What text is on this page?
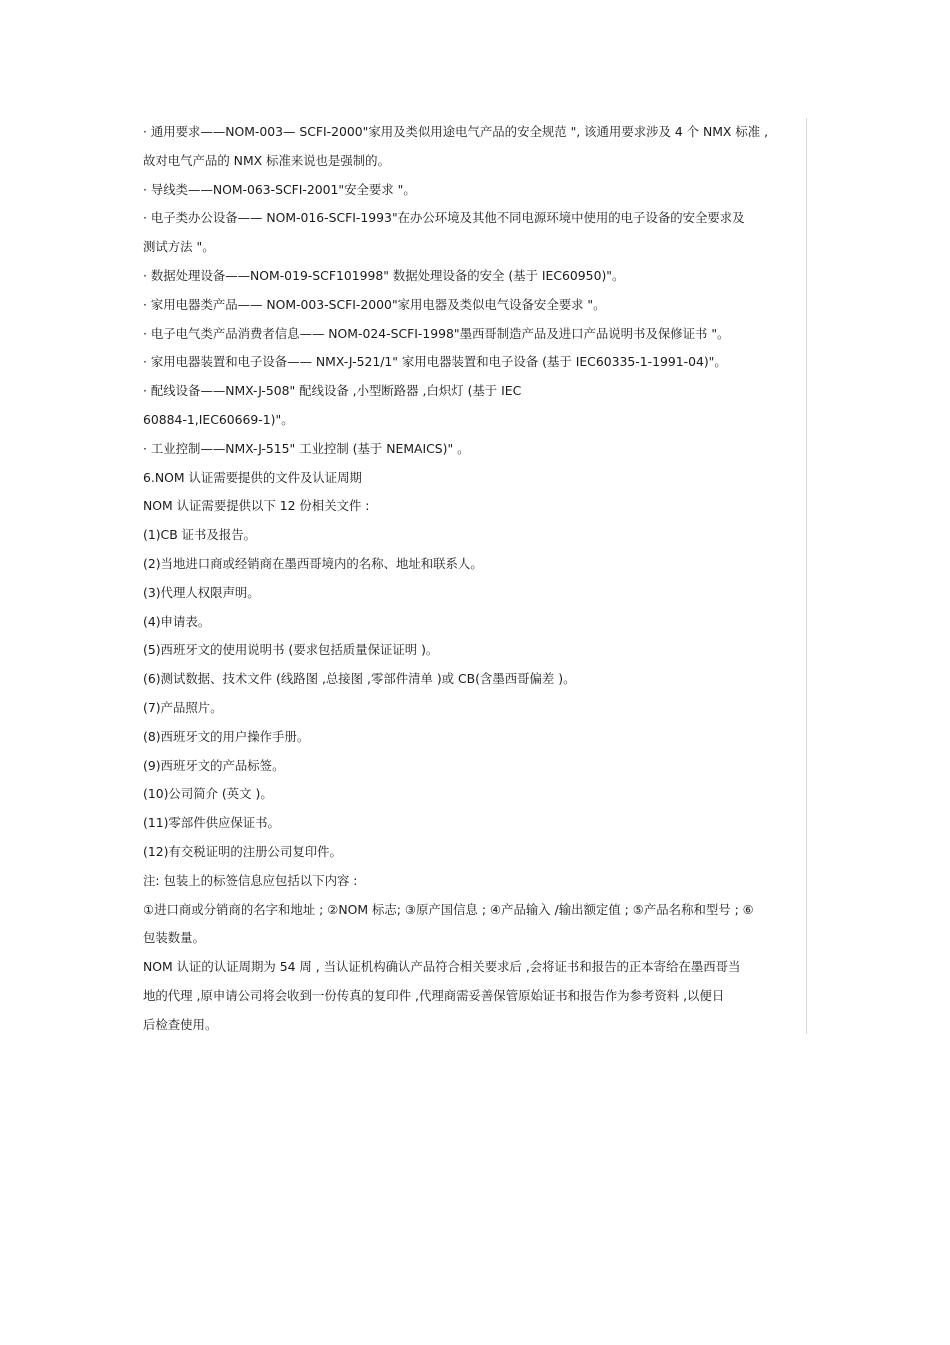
· 通用要求——NOM-003— SCFI-2000"家用及类似用途电气产品的安全规范 ", 该通用要求涉及 4 个 NMX 标准 ,
故对电气产品的 NMX 标准来说也是强制的。
· 导线类——NOM-063-SCFI-2001"安全要求 "。
· 电子类办公设备—— NOM-016-SCFI-1993"在办公环境及其他不同电源环境中使用的电子设备的安全要求及
测试方法 "。
· 数据处理设备——NOM-019-SCF101998" 数据处理设备的安全 (基于 IEC60950)"。
· 家用电器类产品—— NOM-003-SCFI-2000"家用电器及类似电气设备安全要求 "。
· 电子电气类产品消费者信息—— NOM-024-SCFI-1998"墨西哥制造产品及进口产品说明书及保修证书 "。
· 家用电器装置和电子设备—— NMX-J-521/1" 家用电器装置和电子设备 (基于 IEC60335-1-1991-04)"。
· 配线设备——NMX-J-508" 配线设备 ,小型断路器 ,白炽灯 (基于 IEC
60884-1,IEC60669-1)"。
· 工业控制——NMX-J-515" 工业控制 (基于 NEMAICS)" 。
6.NOM 认证需要提供的文件及认证周期
NOM 认证需要提供以下 12 份相关文件 :
(1)CB 证书及报告。
(2)当地进口商或经销商在墨西哥境内的名称、地址和联系人。
(3)代理人权限声明。
(4)申请表。
(5)西班牙文的使用说明书 (要求包括质量保证证明 )。
(6)测试数据、技术文件 (线路图 ,总接图 ,零部件清单 )或 CB(含墨西哥偏差 )。
(7)产品照片。
(8)西班牙文的用户操作手册。
(9)西班牙文的产品标签。
(10)公司简介 (英文 )。
(11)零部件供应保证书。
(12)有交税证明的注册公司复印件。
注: 包装上的标签信息应包括以下内容 :
①进口商或分销商的名字和地址 ; ②NOM 标志; ③原产国信息 ; ④产品输入 /输出额定值 ; ⑤产品名称和型号 ; ⑥
包装数量。
NOM 认证的认证周期为 54 周 , 当认证机构确认产品符合相关要求后 ,会将证书和报告的正本寄给在墨西哥当
地的代理 ,原申请公司将会收到一份传真的复印件 ,代理商需妥善保管原始证书和报告作为参考资料 ,以便日
后检查使用。
